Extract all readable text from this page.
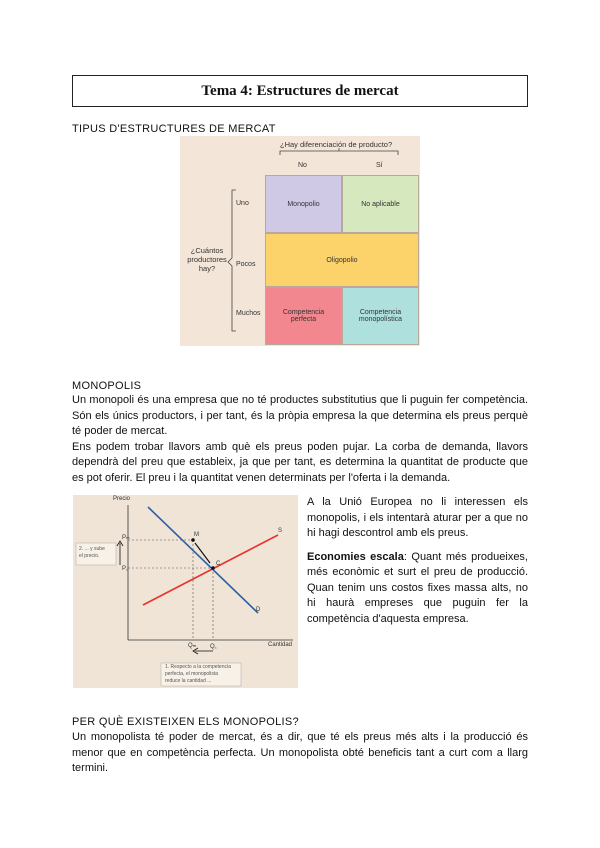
Tema 4: Estructures de mercat
TIPUS D'ESTRUCTURES DE MERCAT
¿Hay diferenciación de producto?
No	Sí
¿Cuántos
productores
hay?
Uno
Pocos
Muchos
Monopolio	No aplicable
Oligopolio
Competencia
perfecta
Competencia
monopolística
MONOPOLIS

Un monopoli és una empresa que no té productes substitutius que li puguin fer competència. Són els únics productors, i per tant, és la pròpia empresa la que determina els preus perquè té poder de mercat.

Ens podem trobar llavors amb què els preus poden pujar. La corba de demanda, llavors dependrà del preu que estableix, ja que per tant, es determina la quantitat de producte que es pot oferir. El preu i la quantitat venen determinats per l'oferta i la demanda.

Precio
Cantidad
Pₘ
P꜀
Qₘ Q꜀
M
C
S
D
2. ... y sube
el precio.
1. Respecto a la competencia
perfecta, el monopolista
reduce la cantidad ...

A la Unió Europea no li interessen els monopolis, i els intentarà aturar per a que no hi hagi descontrol amb els preus.

Economies escala: Quant més produeixes, més econòmic et surt el preu de producció. Quan tenim uns costos fixes massa alts, no hi haurà empreses que puguin fer la competència d'aquesta empresa.

PER QUÈ EXISTEIXEN ELS MONOPOLIS?

Un monopolista té poder de mercat, és a dir, que té els preus més alts i la producció és menor que en competència perfecta. Un monopolista obté beneficis tant a curt com a llarg termini.
